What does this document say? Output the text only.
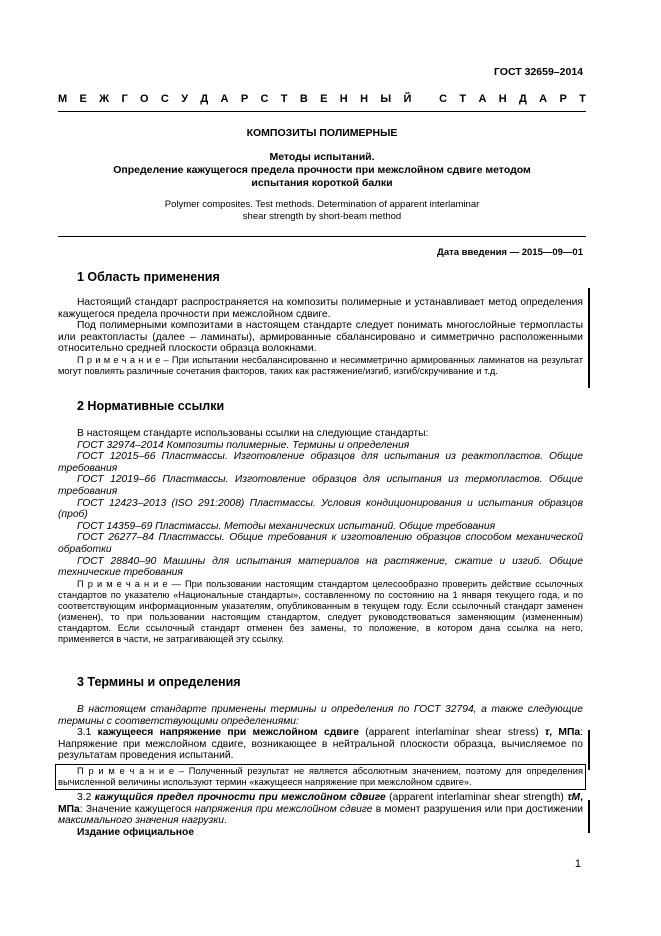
ГОСТ 32659–2014
М Е Ж Г О С У Д А Р С Т В Е Н Н Ы Й
	С Т А Н Д А Р Т
КОМПОЗИТЫ ПОЛИМЕРНЫЕ
Методы испытаний.
Определение кажущегося предела прочности при межслойном сдвиге методом
испытания короткой балки
Polymer composites. Test methods. Determination of apparent interlaminar
shear strength by short-beam method
Дата введения — 2015—09—01
1 Область применения

Настоящий стандарт распространяется на композиты полимерные и устанавливает метод определения кажущегося предела прочности при межслойном сдвиге.

Под полимерными композитами в настоящем стандарте следует понимать многослойные термопласты или реактопласты (далее – ламинаты), армированные сбалансировано и симметрично расположенными относительно средней плоскости образца волокнами.

П р и м е ч а н и е – При испытании несбалансированно и несимметрично армированных ламинатов на результат могут повлиять различные сочетания факторов, таких как растяжение/изгиб, изгиб/скручивание и т.д.

2 Нормативные ссылки

В настоящем стандарте использованы ссылки на следующие стандарты:

ГОСТ 32974–2014 Композиты полимерные. Термины и определения

ГОСТ 12015–66 Пластмассы. Изготовление образцов для испытания из реактопластов. Общие требования

ГОСТ 12019–66 Пластмассы. Изготовление образцов для испытания из термопластов. Общие требования

ГОСТ 12423–2013 (ISO 291:2008) Пластмассы. Условия кондиционирования и испытания образцов (проб)

ГОСТ 14359–69 Пластмассы. Методы механических испытаний. Общие требования

ГОСТ 26277–84 Пластмассы. Общие требования к изготовлению образцов способом механической обработки

ГОСТ 28840–90 Машины для испытания материалов на растяжение, сжатие и изгиб. Общие технические требования

П р и м е ч а н и е — При пользовании настоящим стандартом целесообразно проверить действие ссылочных стандартов по указателю «Национальные стандарты», составленному по состоянию на 1 января текущего года, и по соответствующим информационным указателям, опубликованным в текущем году. Если ссылочный стандарт заменен (изменен), то при пользовании настоящим стандартом, следует руководствоваться заменяющим (измененным) стандартом. Если ссылочный стандарт отменен без замены, то положение, в котором дана ссылка на него, применяется в части, не затрагивающей эту ссылку.

3 Термины и определения

В настоящем стандарте применены термины и определения по ГОСТ 32794, а также следующие термины с соответствующими определениями:

3.1 кажущееся напряжение при межслойном сдвиге (apparent interlaminar shear stress) τ, МПа: Напряжение при межслойном сдвиге, возникающее в нейтральной плоскости образца, вычисляемое по результатам проведения испытаний.

П р и м е ч а н и е – Полученный результат не является абсолютным значением, поэтому для определения вычисленной величины используют термин «кажущееся напряжение при межслойном сдвиге».

3.2 кажущийся предел прочности при межслойном сдвиге (apparent interlaminar shear strength) τM, МПа: Значение кажущегося напряжения при межслойном сдвиге в момент разрушения или при достижении максимального значения нагрузки.

Издание официальное

1
